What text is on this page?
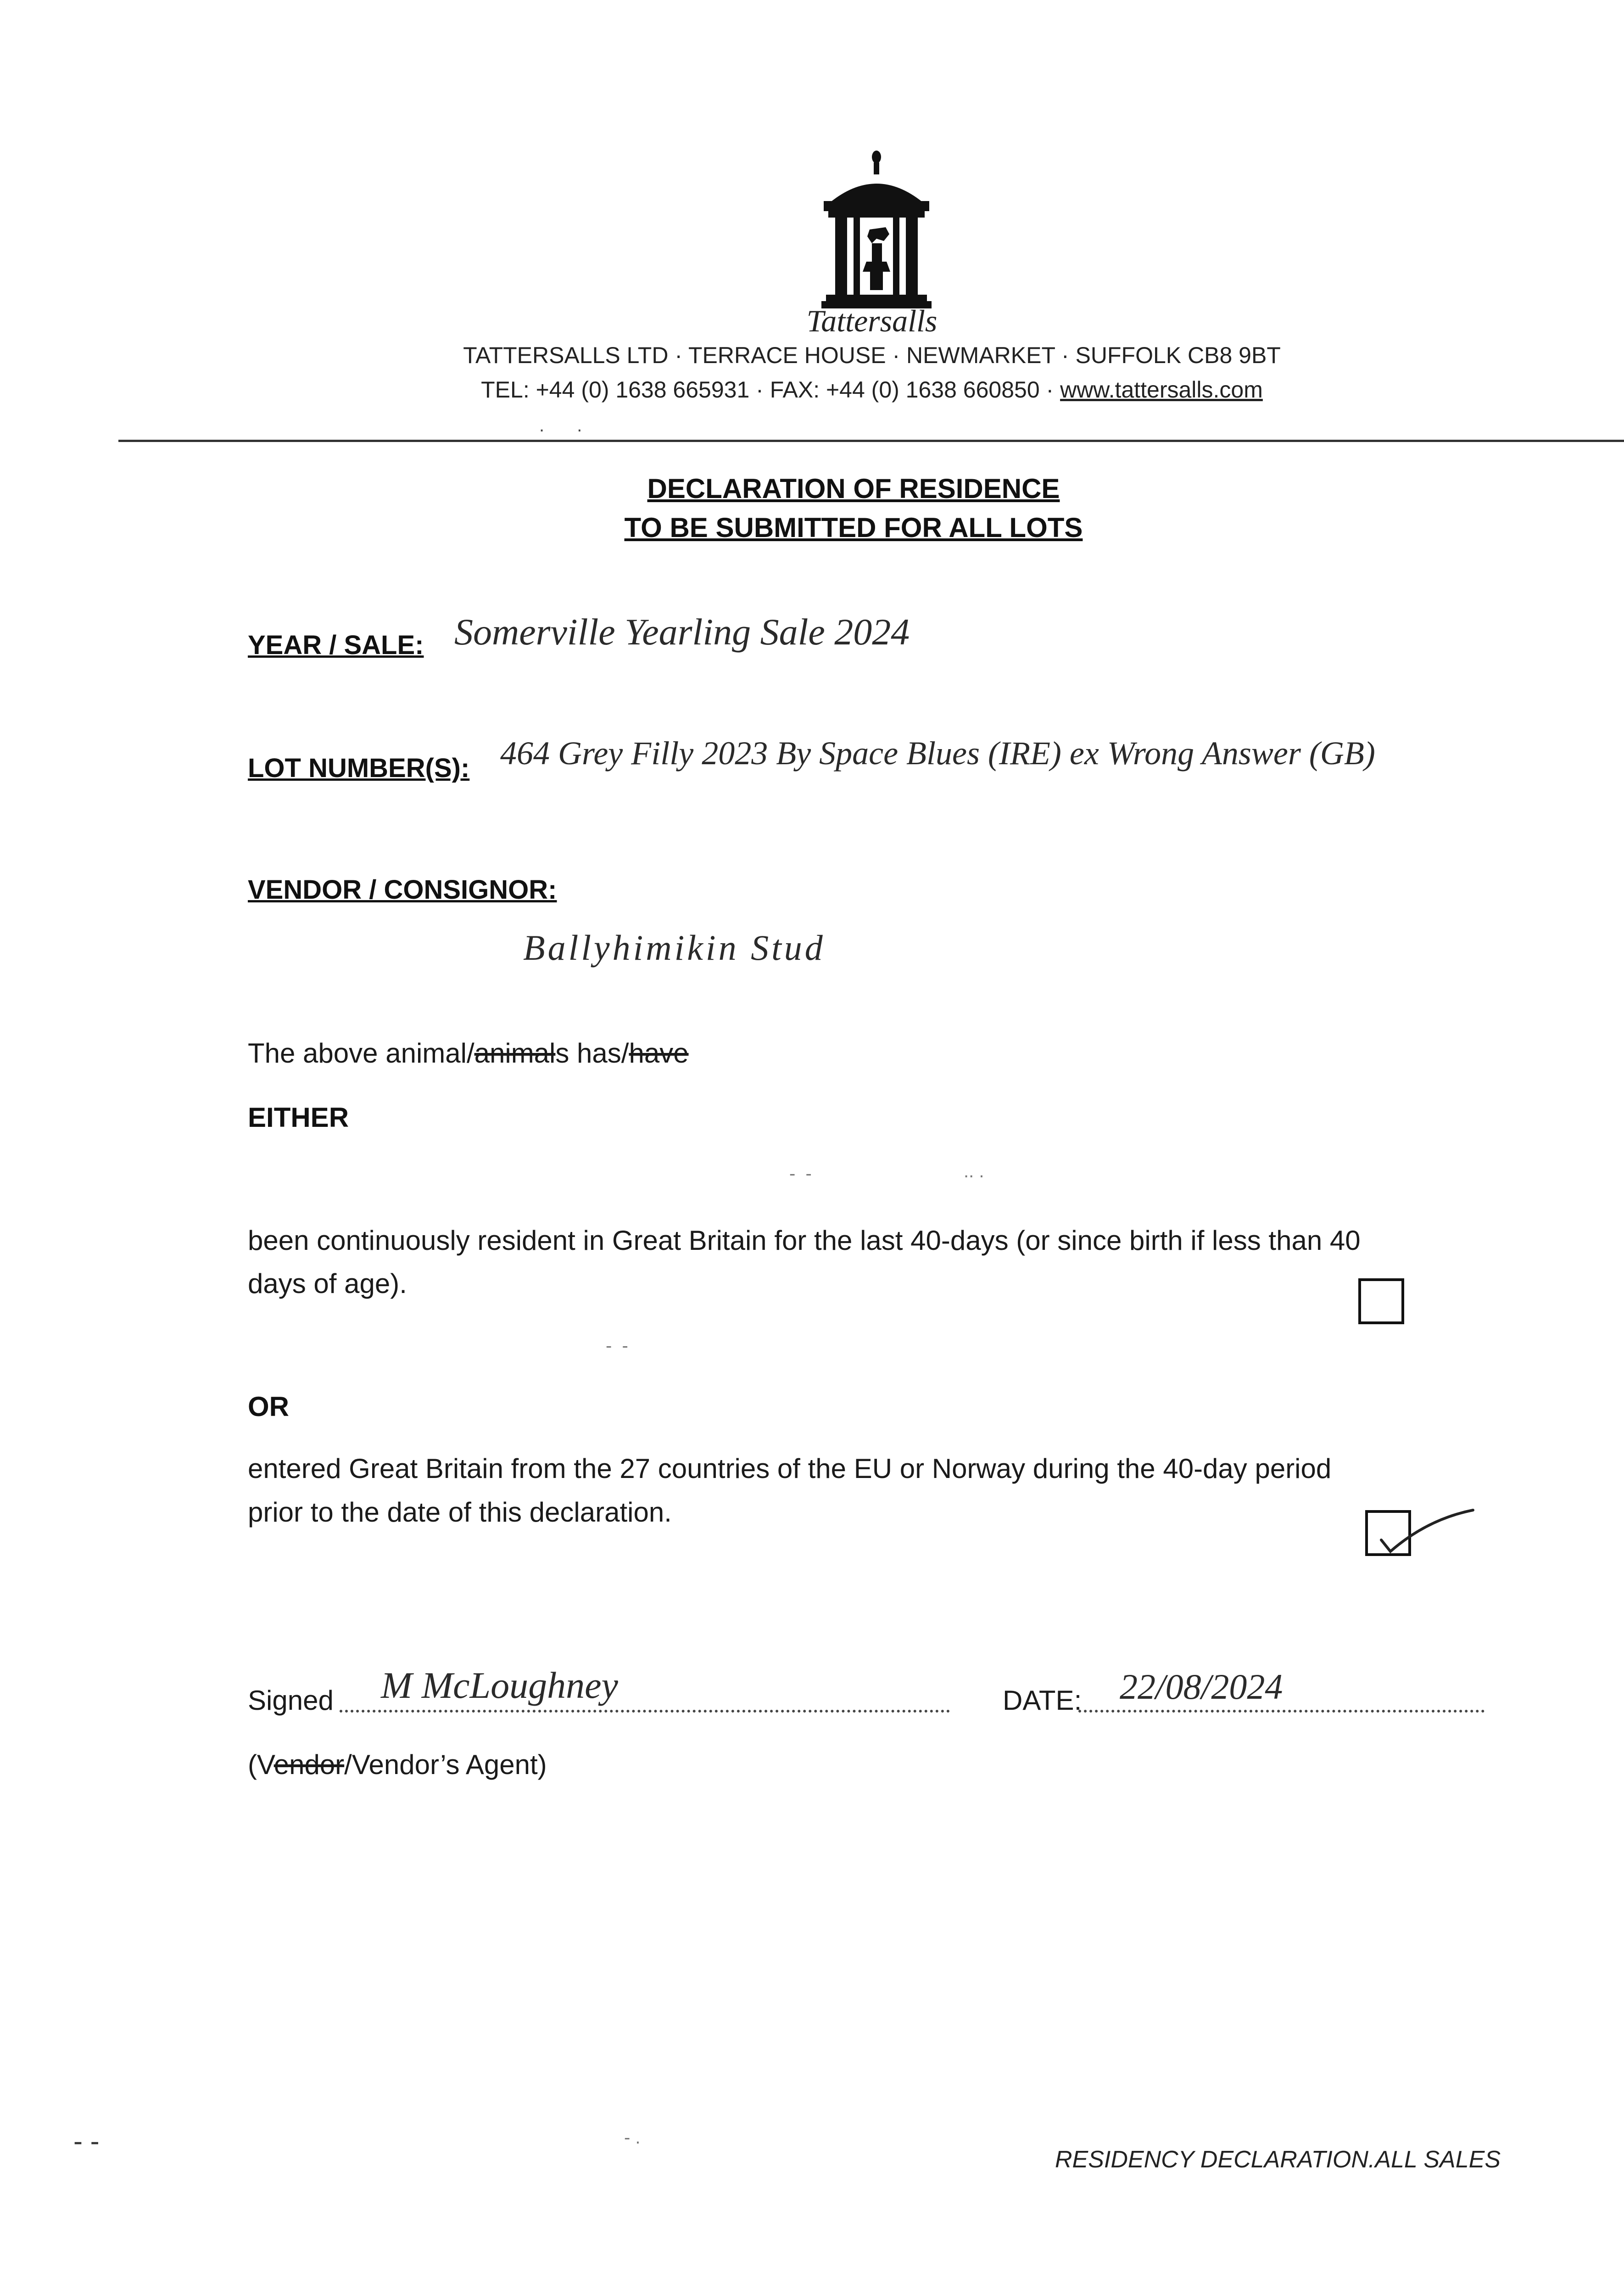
Tattersalls
TATTERSALLS LTD · TERRACE HOUSE · NEWMARKET · SUFFOLK CB8 9BT
TEL: +44 (0) 1638 665931 · FAX: +44 (0) 1638 660850 · www.tattersalls.com
. .
DECLARATION OF RESIDENCE
TO BE SUBMITTED FOR ALL LOTS
YEAR / SALE: Somerville Yearling Sale 2024
LOT NUMBER(S): 464 Grey Filly 2023 By Space Blues (IRE) ex Wrong Answer (GB)
VENDOR / CONSIGNOR:
Ballyhimikin Stud
The above animal/animals has/have
EITHER
-  -	.. .
been continuously resident in Great Britain for the last 40-days (or since birth if less than 40
days of age).
-  -
OR
entered Great Britain from the 27 countries of the EU or Norway during the 40-day period
prior to the date of this declaration.
Signed M McLoughney	DATE: 22/08/2024
(Vendor/Vendor’s Agent)
‐ ‐	- .
RESIDENCY DECLARATION.ALL SALES
